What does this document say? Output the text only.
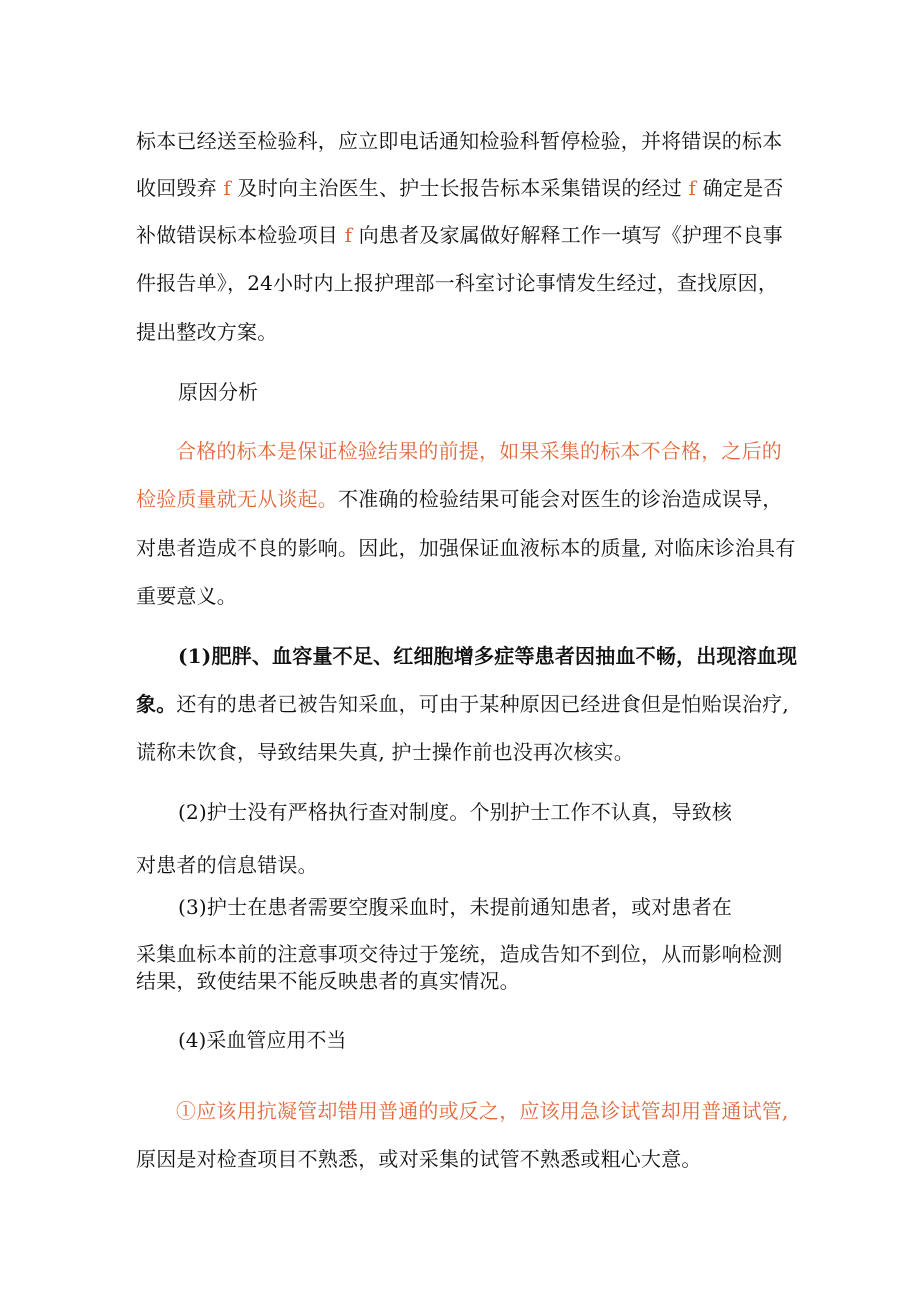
标本已经送至检验科，应立即电话通知检验科暂停检验，并将错误的标本
收回毁弃 f 及时向主治医生、护士长报告标本采集错误的经过 f 确定是否
补做错误标本检验项目 f 向患者及家属做好解释工作一填写《护理不良事
件报告单》，24小时内上报护理部一科室讨论事情发生经过，查找原因，
提出整改方案。
原因分析
合格的标本是保证检验结果的前提，如果采集的标本不合格，之后的
检验质量就无从谈起。不准确的检验结果可能会对医生的诊治造成误导，
对患者造成不良的影响。因此，加强保证血液标本的质量, 对临床诊治具有
重要意义。
(1)肥胖、血容量不足、红细胞增多症等患者因抽血不畅，出现溶血现
象。还有的患者已被告知采血，可由于某种原因已经进食但是怕贻误治疗,
谎称未饮食，导致结果失真, 护士操作前也没再次核实。
(2)护士没有严格执行查对制度。个别护士工作不认真，导致核
对患者的信息错误。
(3)护士在患者需要空腹采血时，未提前通知患者，或对患者在
采集血标本前的注意事项交待过于笼统，造成告知不到位，从而影响检测
结果，致使结果不能反映患者的真实情况。
(4)采血管应用不当
①应该用抗凝管却错用普通的或反之，应该用急诊试管却用普通试管,
原因是对检查项目不熟悉，或对采集的试管不熟悉或粗心大意。
